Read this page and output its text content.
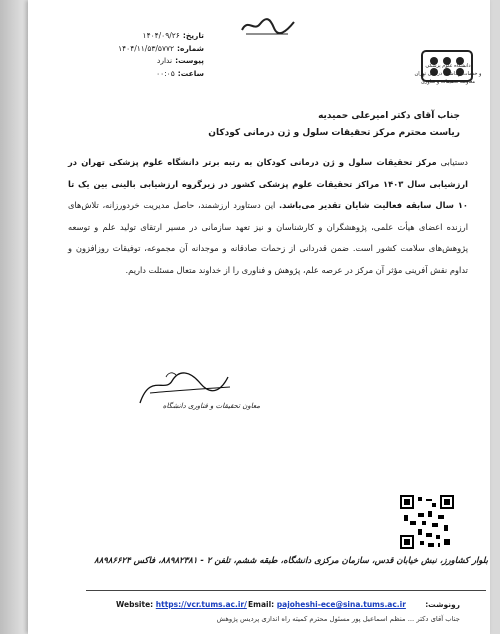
بسمه تعالی
تاریخ:۱۴۰۴/۰۹/۲۶
شماره:۱۴۰۴/۱۱/۵۳/۵۷۷۲
پیوست:ندارد
ساعت:۰۰:۰۵
دانشگاه علوم پزشکی
و خدمات بهداشتی درمانی تهران
معاونت تحقیقات و فناوری
جناب آقای دکتر امیرعلی حمیدیه
ریاست محترم مرکز تحقیقات سلول و ژن درمانی کودکان
دستیابی مرکز تحقیقات سلول و ژن درمانی کودکان به رتبه برتر دانشگاه علوم پزشکی تهران در ارزشیابی سال ۱۴۰۳ مراکز تحقیقات علوم پزشکی کشور در زیرگروه ارزشیابی بالینی بین یک تا ۱۰ سال سابقه فعالیت شایان تقدیر می‌باشد. این دستاورد ارزشمند، حاصل مدیریت خردورزانه، تلاش‌های ارزنده اعضای هیأت علمی، پژوهشگران و کارشناسان و نیز تعهد سازمانی در مسیر ارتقای تولید علم و توسعه پژوهش‌های سلامت کشور است. ضمن قدردانی از زحمات صادقانه و موجدانه آن مجموعه، توفیقات روزافزون و تداوم نقش آفرینی مؤثر آن مرکز در عرصه علم، پژوهش و فناوری را از خداوند متعال مسئلت داریم.
دکتر امین کرمی
معاون تحقیقات و فناوری دانشگاه
بلوار کشاورز، نبش خیابان قدس، سازمان مرکزی دانشگاه، طبقه ششم، تلفن ۲ - ۸۸۹۸۲۳۸۱، فاکس ۸۸۹۸۶۶۲۴
Website: https://vcr.tums.ac.ir/ Email: pajoheshi-ece@sina.tums.ac.ir	رونوشت:
جناب آقای دکتر ... منظم اسماعیل پور مسئول محترم کمیته راه اندازی پردیس پژوهش
